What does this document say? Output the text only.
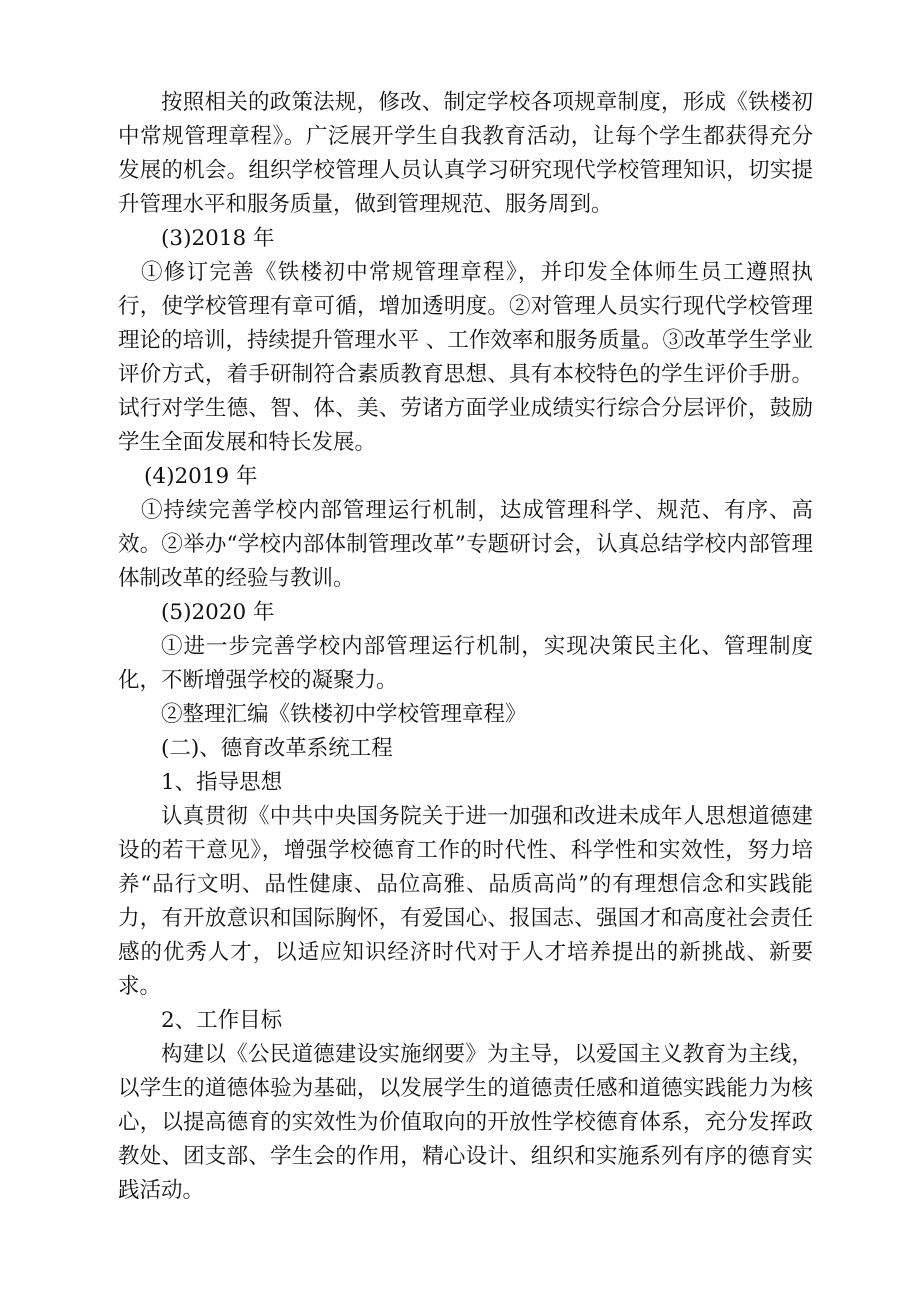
按照相关的政策法规，修改、制定学校各项规章制度，形成《铁楼初中常规管理章程》。广泛展开学生自我教育活动，让每个学生都获得充分发展的机会。组织学校管理人员认真学习研究现代学校管理知识，切实提升管理水平和服务质量，做到管理规范、服务周到。

(3)2018 年

①修订完善《铁楼初中常规管理章程》，并印发全体师生员工遵照执行，使学校管理有章可循，增加透明度。②对管理人员实行现代学校管理理论的培训，持续提升管理水平 、工作效率和服务质量。③改革学生学业评价方式，着手研制符合素质教育思想、具有本校特色的学生评价手册。试行对学生德、智、体、美、劳诸方面学业成绩实行综合分层评价，鼓励学生全面发展和特长发展。

(4)2019 年

①持续完善学校内部管理运行机制，达成管理科学、规范、有序、高效。②举办“学校内部体制管理改革”专题研讨会，认真总结学校内部管理体制改革的经验与教训。

(5)2020 年

①进一步完善学校内部管理运行机制，实现决策民主化、管理制度化，不断增强学校的凝聚力。

②整理汇编《铁楼初中学校管理章程》

(二)、德育改革系统工程

1、指导思想

认真贯彻《中共中央国务院关于进一加强和改进未成年人思想道德建设的若干意见》，增强学校德育工作的时代性、科学性和实效性，努力培养“品行文明、品性健康、品位高雅、品质高尚”的有理想信念和实践能力，有开放意识和国际胸怀，有爱国心、报国志、强国才和高度社会责任感的优秀人才，以适应知识经济时代对于人才培养提出的新挑战、新要求。

2、工作目标

构建以《公民道德建设实施纲要》为主导，以爱国主义教育为主线，以学生的道德体验为基础，以发展学生的道德责任感和道德实践能力为核心，以提高德育的实效性为价值取向的开放性学校德育体系，充分发挥政教处、团支部、学生会的作用，精心设计、组织和实施系列有序的德育实践活动。
